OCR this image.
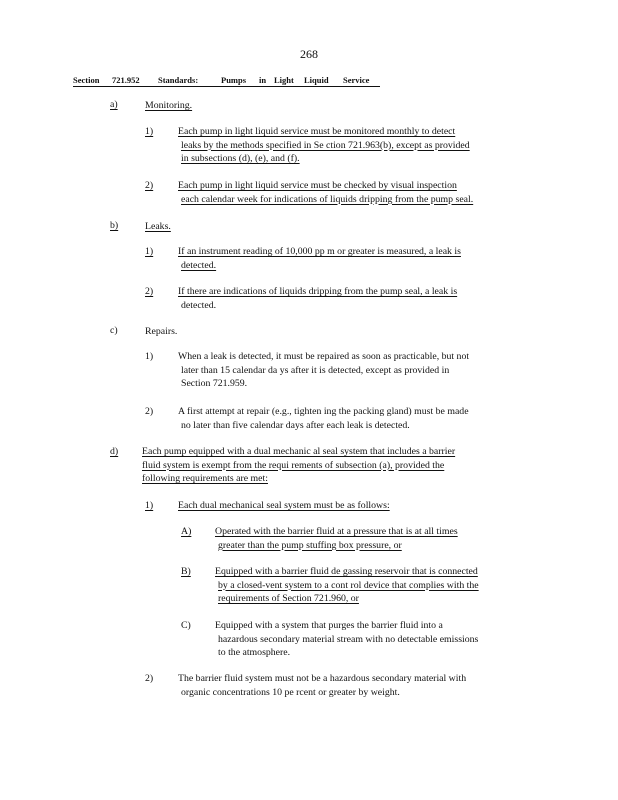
268
Section 721.952 Standards:	Pumps in Light Liquid Service
a)	Monitoring.
1)	Each pump in light liquid service must be monitored monthly to detect
leaks by the methods specified in Se ction 721.963(b), except as provided
in subsections (d), (e), and (f).
2)	Each pump in light liquid service must be checked by visual inspection
each calendar week for indications of liquids dripping from the pump seal.
b)	Leaks.
1)	If an instrument reading of 10,000 pp m or greater is measured, a leak is
detected.
2)	If there are indications of liquids dripping from the pump seal, a leak is
detected.
c)	Repairs.
1)	When a leak is detected, it must be repaired as soon as practicable, but not
later than 15 calendar da ys after it is detected, except as provided in
Section 721.959.
2)	A first attempt at repair (e.g., tighten ing the packing gland) must be made
no later than five calendar days after each leak is detected.
d) Each pump equipped with a dual mechanic al seal system that includes a barrier
fluid system is exempt from the requi rements of subsection (a), provided the
following requirements are met:
1)	Each dual mechanical seal system must be as follows:
A) Operated with the barrier fluid at a pressure that is at all times
greater than the pump stuffing box pressure, or
B) Equipped with a barrier fluid de gassing reservoir that is connected
by a closed-vent system to a cont rol device that complies with the
requirements of Section 721.960, or
C) Equipped with a system that purges the barrier fluid into a
hazardous secondary material stream with no detectable emissions
to the atmosphere.
2)	The barrier fluid system must not be a hazardous secondary material with
organic concentrations 10 pe rcent or greater by weight.
